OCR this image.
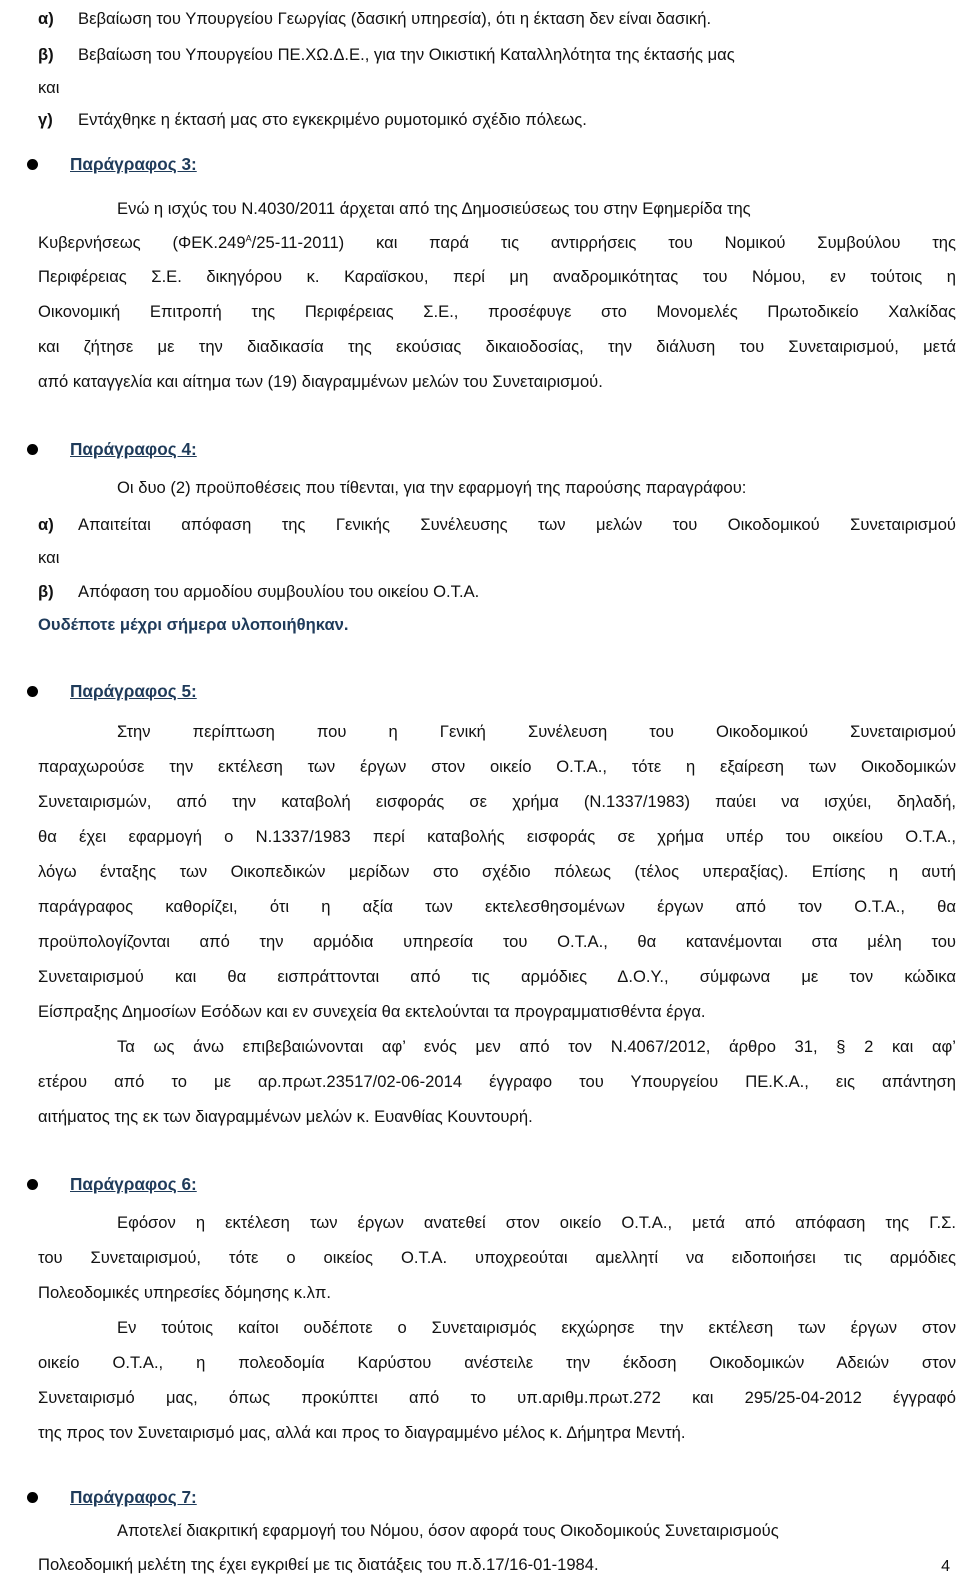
α) Βεβαίωση του Υπουργείου Γεωργίας (δασική υπηρεσία), ότι η έκταση δεν είναι δασική.
β) Βεβαίωση του Υπουργείου ΠΕ.ΧΩ.Δ.Ε., για την Οικιστική Καταλληλότητα της έκτασής μας
και
γ) Εντάχθηκε η έκτασή μας στο εγκεκριμένο ρυμοτομικό σχέδιο πόλεως.
Παράγραφος 3:
Ενώ η ισχύς του Ν.4030/2011 άρχεται από της Δημοσιεύσεως του στην Εφημερίδα της
Κυβερνήσεως $(\Phi EK.249^A/25-11-2011)$ και παρά τις αντιρρήσεις του Νομικού Συμβούλου της
Περιφέρειας Σ.Ε. δικηγόρου κ. Καραϊσκου, περί μη αναδρομικότητας του Νόμου, εν τούτοις η
Οικονομική Επιτροπή της Περιφέρειας Σ.Ε., προσέφυγε στο Μονομελές Πρωτοδικείο Χαλκίδας
και ζήτησε με την διαδικασία της εκούσιας δικαιοδοσίας, την διάλυση του Συνεταιρισμού, μετά
από καταγγελία και αίτημα των (19) διαγραμμένων μελών του Συνεταιρισμού.
Παράγραφος 4:
Οι δυο (2) προϋποθέσεις που τίθενται, για την εφαρμογή της παρούσης παραγράφου:
α) Απαιτείται απόφαση της Γενικής Συνέλευσης των μελών του Οικοδομικού Συνεταιρισμού
και
β) Απόφαση του αρμοδίου συμβουλίου του οικείου Ο.Τ.Α.
Ουδέποτε μέχρι σήμερα υλοποιήθηκαν.
Παράγραφος 5:
Στην περίπτωση που η Γενική Συνέλευση του Οικοδομικού Συνεταιρισμού
παραχωρούσε την εκτέλεση των έργων στον οικείο Ο.Τ.Α., τότε η εξαίρεση των Οικοδομικών
Συνεταιρισμών, από την καταβολή εισφοράς σε χρήμα (Ν.1337/1983) παύει να ισχύει, δηλαδή,
θα έχει εφαρμογή ο Ν.1337/1983 περί καταβολής εισφοράς σε χρήμα υπέρ του οικείου Ο.Τ.Α.,
λόγω ένταξης των Οικοπεδικών μερίδων στο σχέδιο πόλεως (τέλος υπεραξίας). Επίσης η αυτή
παράγραφος καθορίζει, ότι η αξία των εκτελεσθησομένων έργων από τον Ο.Τ.Α., θα
προϋπολογίζονται από την αρμόδια υπηρεσία του Ο.Τ.Α., θα κατανέμονται στα μέλη του
Συνεταιρισμού και θα εισπράττονται από τις αρμόδιες Δ.Ο.Υ., σύμφωνα με τον κώδικα
Είσπραξης Δημοσίων Εσόδων και εν συνεχεία θα εκτελούνται τα προγραμματισθέντα έργα.
Τα ως άνω επιβεβαιώνονται αφ’ ενός μεν από τον Ν.4067/2012, άρθρο 31, § 2 και αφ’
ετέρου από το με αρ.πρωτ.23517/02-06-2014 έγγραφο του Υπουργείου ΠΕ.Κ.Α., εις απάντηση
αιτήματος της εκ των διαγραμμένων μελών κ. Ευανθίας Κουντουρή.
Παράγραφος 6:
Εφόσον η εκτέλεση των έργων ανατεθεί στον οικείο Ο.Τ.Α., μετά από απόφαση της Γ.Σ.
του Συνεταιρισμού, τότε ο οικείος Ο.Τ.Α. υποχρεούται αμελλητί να ειδοποιήσει τις αρμόδιες
Πολεοδομικές υπηρεσίες δόμησης κ.λπ.
Εν τούτοις καίτοι ουδέποτε ο Συνεταιρισμός εκχώρησε την εκτέλεση των έργων στον
οικείο Ο.Τ.Α., η πολεοδομία Καρύστου ανέστειλε την έκδοση Οικοδομικών Αδειών στον
Συνεταιρισμό μας, όπως προκύπτει από το υπ.αριθμ.πρωτ.272 και 295/25-04-2012 έγγραφό
της προς τον Συνεταιρισμό μας, αλλά και προς το διαγραμμένο μέλος κ. Δήμητρα Μεντή.
Παράγραφος 7:
Αποτελεί διακριτική εφαρμογή του Νόμου, όσον αφορά τους Οικοδομικούς Συνεταιρισμούς
Πολεοδομική μελέτη της έχει εγκριθεί με τις διατάξεις του π.δ.17/16-01-1984.	4
